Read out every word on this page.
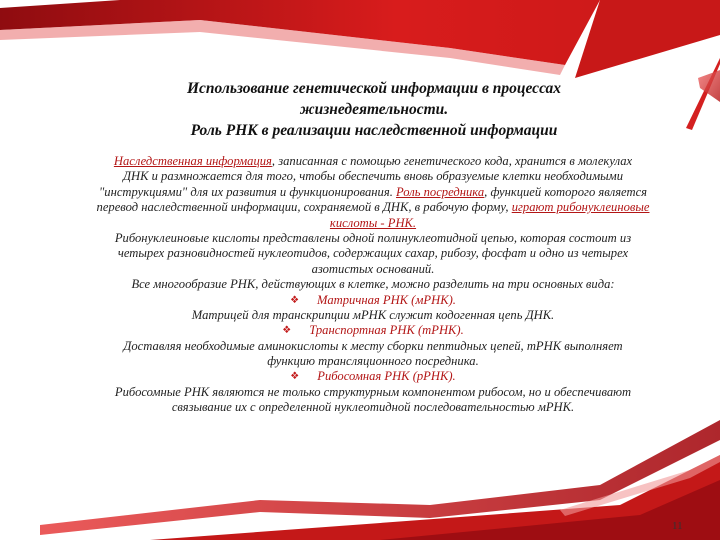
Использование генетической информации в процессах
жизнедеятельности.
Роль РНК в реализации наследственной информации
Наследственная информация, записанная с помощью генетического кода, хранится в молекулах
ДНК и размножается для того, чтобы обеспечить вновь образуемые клетки необходимыми
"инструкциями" для их развития и функционирования. Роль посредника, функцией которого является
перевод наследственной информации, сохраняемой в ДНК, в рабочую форму, играют рибонуклеиновые
кислоты - РНК.
Рибонуклеиновые кислоты представлены одной полинуклеотидной цепью, которая состоит из
четырех разновидностей нуклеотидов, содержащих сахар, рибозу, фосфат и одно из четырех
азотистых оснований.
Все многообразие РНК, действующих в клетке, можно разделить на три основных вида:
❖ Матричная РНК (мРНК).
Матрицей для транскрипции мРНК служит кодогенная цепь ДНК.
❖ Транспортная РНК (тРНК).
Доставляя необходимые аминокислоты к месту сборки пептидных цепей, тРНК выполняет
функцию трансляционного посредника.
❖ Рибосомная РНК (рРНК).
Рибосомные РНК являются не только структурным компонентом рибосом, но и обеспечивают
связывание их с определенной нуклеотидной последовательностью мРНК.
11
